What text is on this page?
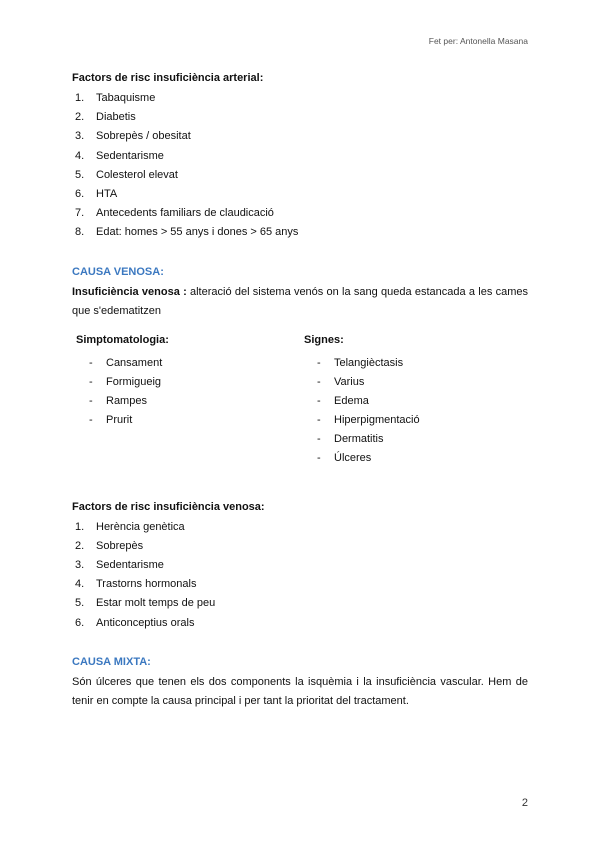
Fet per: Antonella Masana

Factors de risc insuficiència arterial:

1.	Tabaquisme
2.	Diabetis
3.	Sobrepès / obesitat
4.	Sedentarisme
5.	Colesterol elevat
6.	HTA
7.	Antecedents familiars de claudicació
8.	Edat: homes > 55 anys i dones > 65 anys

CAUSA VENOSA:

Insuficiència venosa : alteració del sistema venós on la sang queda estancada a les cames que s'edematitzen

Simptomatologia:
-	Cansament
-	Formigueig
-	Rampes
-	Prurit
Signes:
-	Telangièctasis
-	Varius
-	Edema
-	Hiperpigmentació
-	Dermatitis
-	Úlceres

Factors de risc insuficiència venosa:

1.	Herència genètica
2.	Sobrepès
3.	Sedentarisme
4.	Trastorns hormonals
5.	Estar molt temps de peu
6.	Anticonceptius orals

CAUSA MIXTA:

Són úlceres que tenen els dos components la isquèmia i la insuficiència vascular. Hem de tenir en compte la causa principal i per tant la prioritat del tractament.

2
